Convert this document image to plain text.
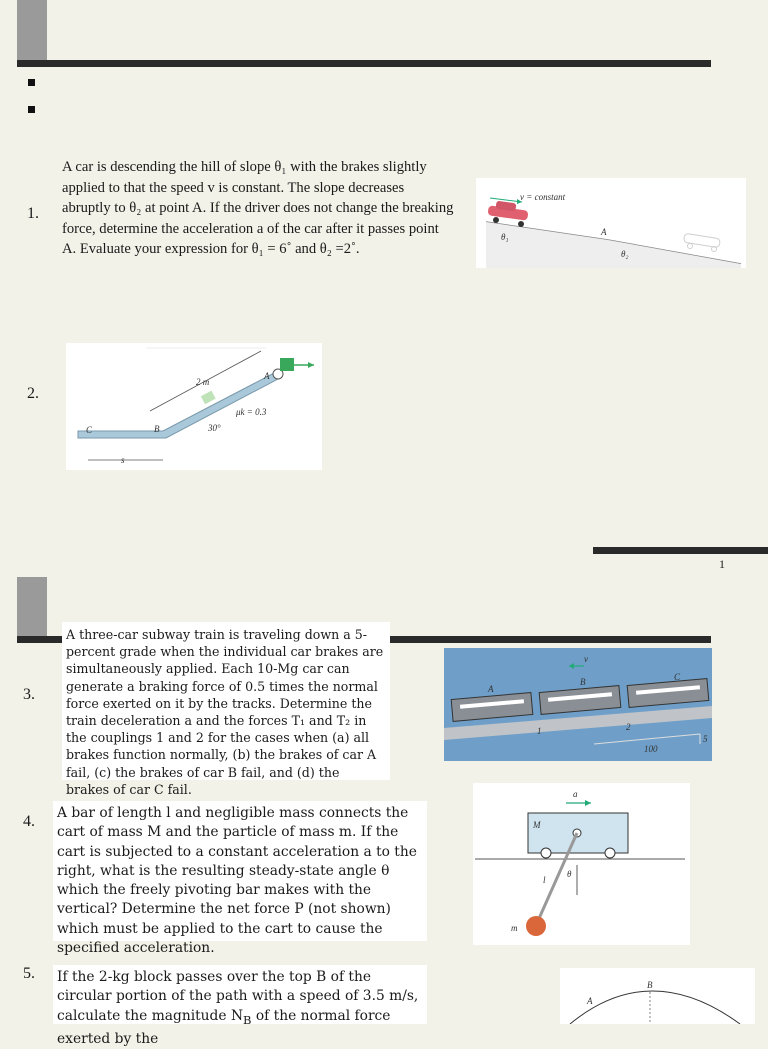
1.
A car is descending the hill of slope θ₁ with the brakes slightly applied to that the speed v is constant. The slope decreases abruptly to θ₂ at point A. If the driver does not change the breaking force, determine the acceleration a of the car after it passes point A. Evaluate your expression for θ₁ = 6˚ and θ₂ =2˚.
v = constant
A
θ₁
θ₂
2.
2 m
A
B
C
μk = 0.3
30°
s
1
3.
A three-car subway train is traveling down a 5-percent grade when the individual car brakes are simultaneously applied. Each 10-Mg car can generate a braking force of 0.5 times the normal force exerted on it by the tracks. Determine the train deceleration a and the forces T₁ and T₂ in the couplings 1 and 2 for the cases when (a) all brakes function normally, (b) the brakes of car A fail, (c) the brakes of car B fail, and (d) the brakes of car C fail.
v
A
B	C
1	2
100
5
4. A bar of length l and negligible mass connects the cart of mass M and the particle of mass m. If the cart is subjected to a constant acceleration a to the right, what is the resulting steady-state angle θ which the freely pivoting bar makes with the vertical? Determine the net force P (not shown) which must be applied to the cart to cause the specified acceleration.
a
M
l
θ
m
5. If the 2-kg block passes over the top B of the circular portion of the path with a speed of 3.5 m/s, calculate the magnitude $N_B$ of the normal force exerted by the
B
A
